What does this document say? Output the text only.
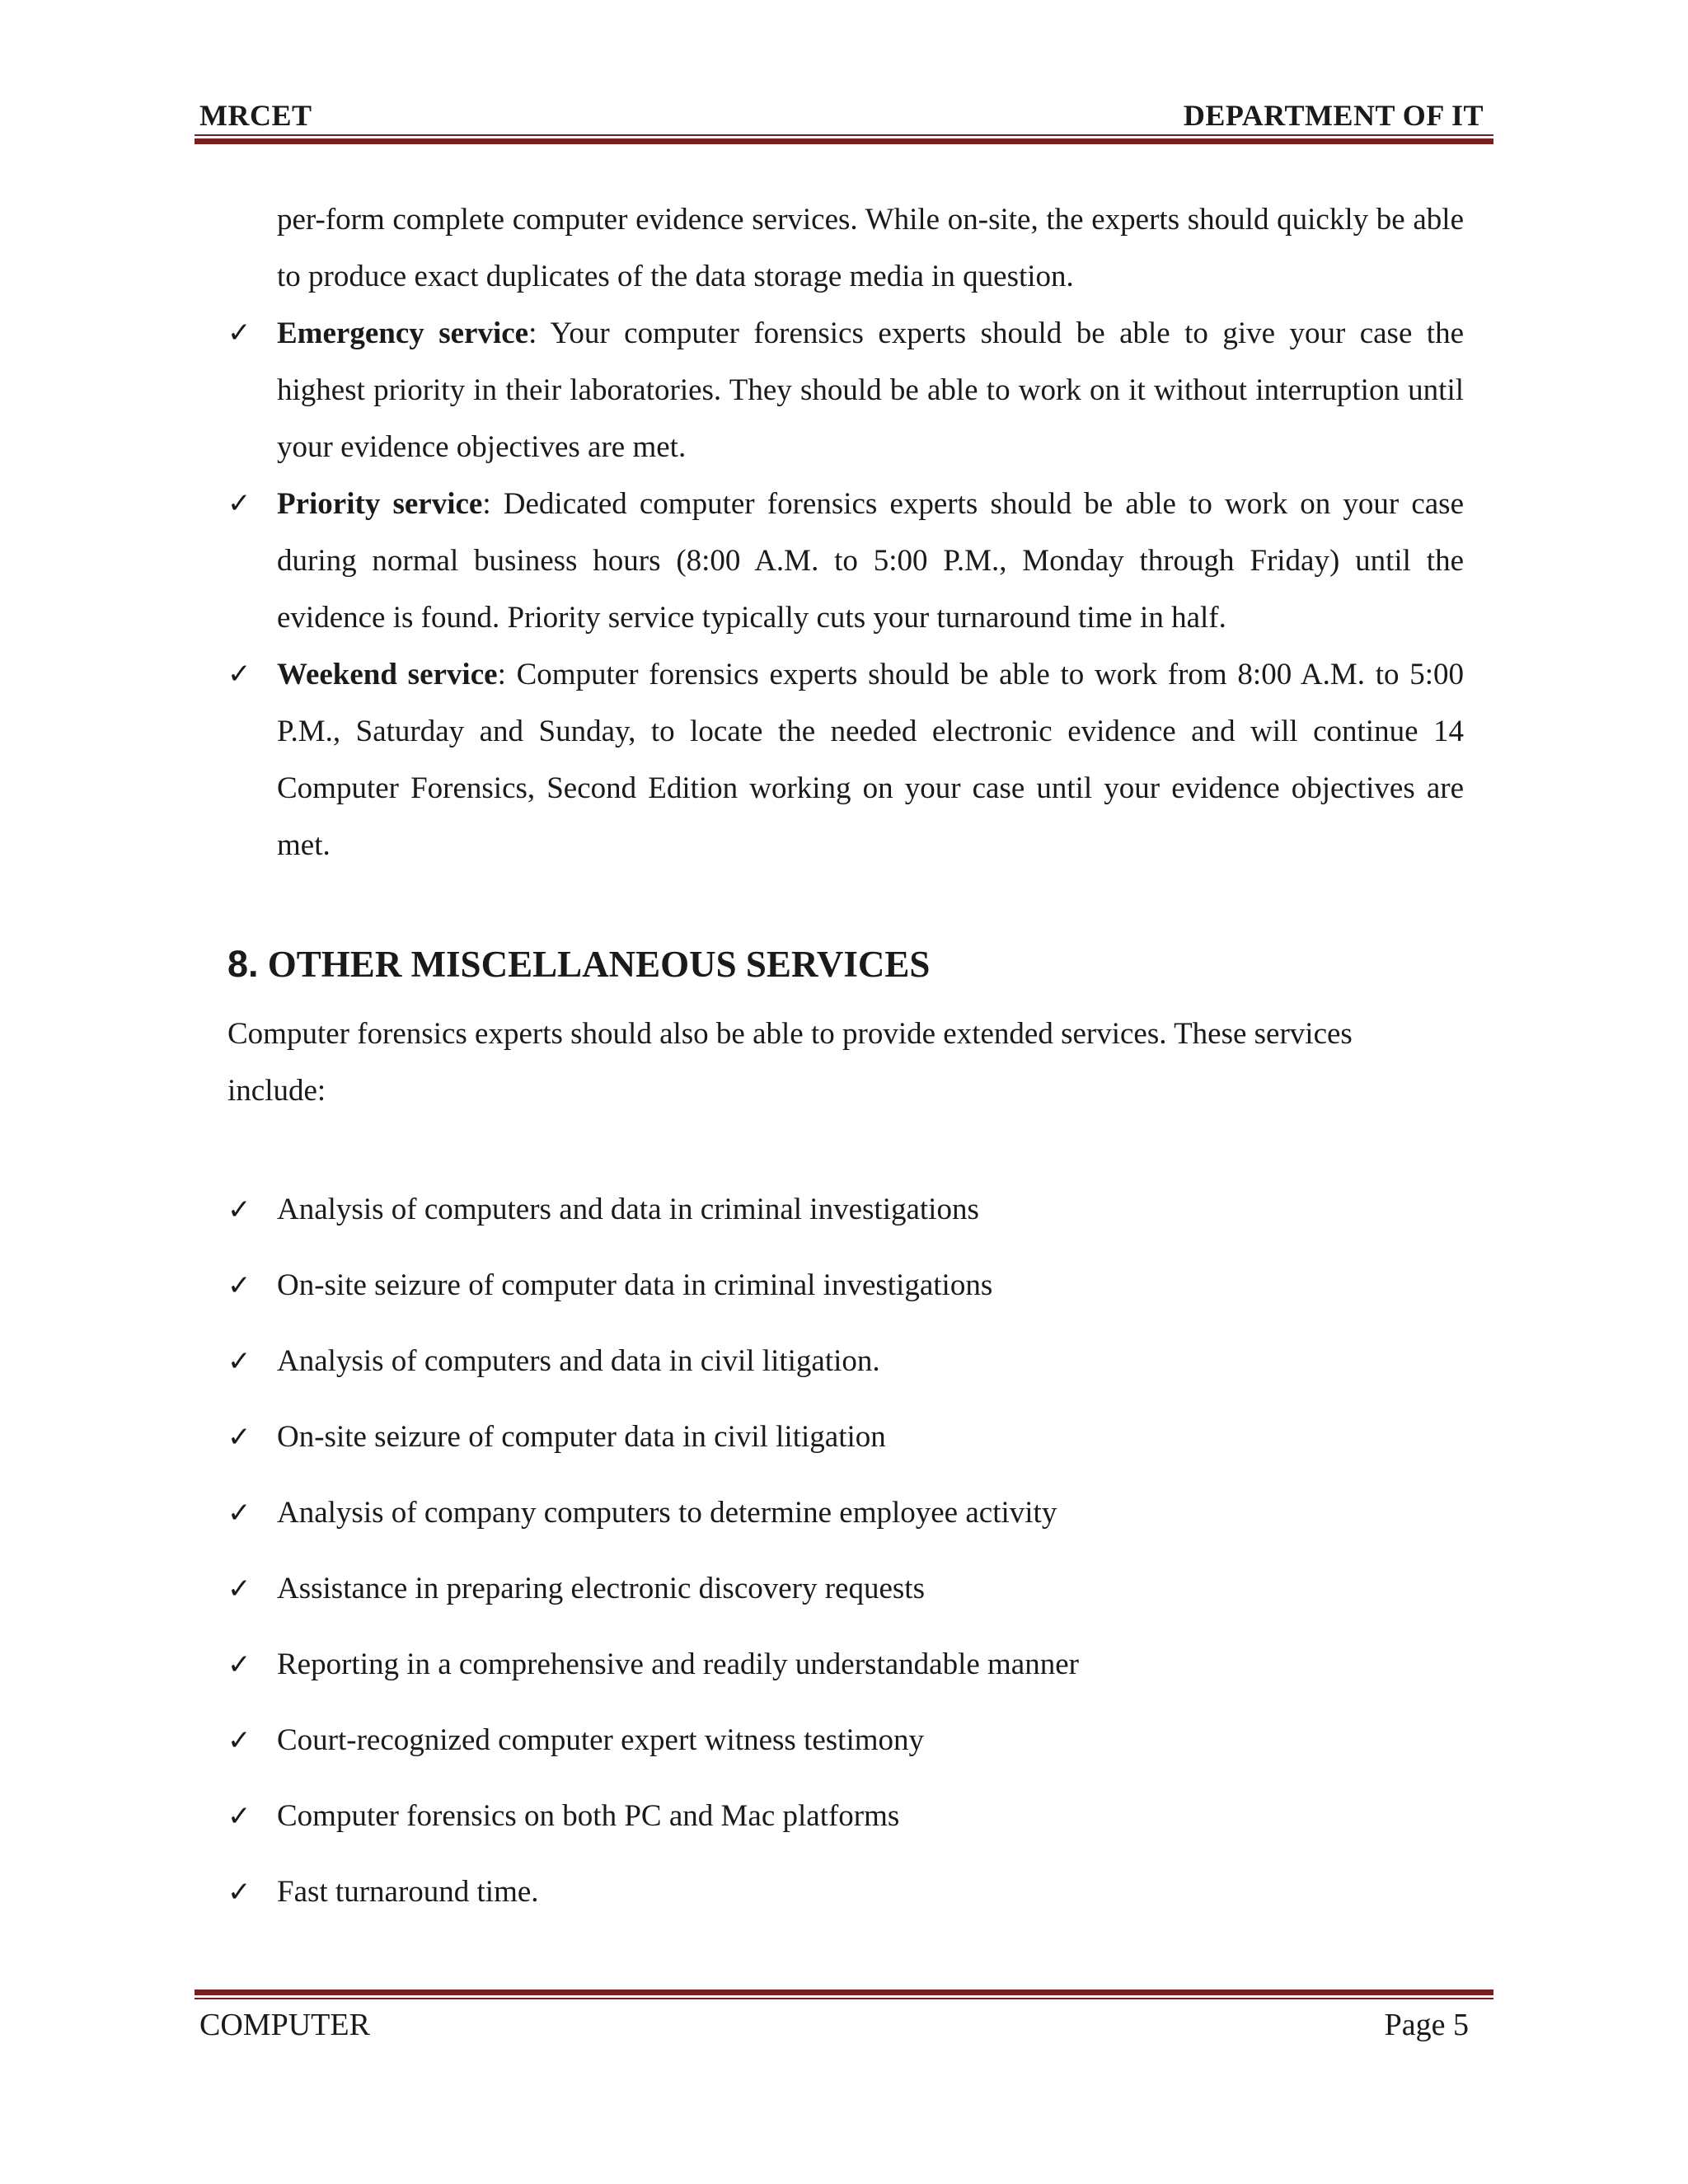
MRCET	DEPARTMENT OF IT

per-form complete computer evidence services. While on-site, the experts should quickly be able to produce exact duplicates of the data storage media in question.

✓ Emergency service: Your computer forensics experts should be able to give your case the highest priority in their laboratories. They should be able to work on it without interruption until your evidence objectives are met.
✓ Priority service: Dedicated computer forensics experts should be able to work on your case during normal business hours (8:00 A.M. to 5:00 P.M., Monday through Friday) until the evidence is found. Priority service typically cuts your turnaround time in half.
✓ Weekend service: Computer forensics experts should be able to work from 8:00 A.M. to 5:00 P.M., Saturday and Sunday, to locate the needed electronic evidence and will continue 14 Computer Forensics, Second Edition working on your case until your evidence objectives are met.
8. OTHER MISCELLANEOUS SERVICES

Computer forensics experts should also be able to provide extended services. These services include:

✓ Analysis of computers and data in criminal investigations
✓ On-site seizure of computer data in criminal investigations
✓ Analysis of computers and data in civil litigation.
✓ On-site seizure of computer data in civil litigation
✓ Analysis of company computers to determine employee activity
✓ Assistance in preparing electronic discovery requests
✓ Reporting in a comprehensive and readily understandable manner
✓ Court-recognized computer expert witness testimony
✓ Computer forensics on both PC and Mac platforms
✓ Fast turnaround time.
COMPUTER	Page 5
